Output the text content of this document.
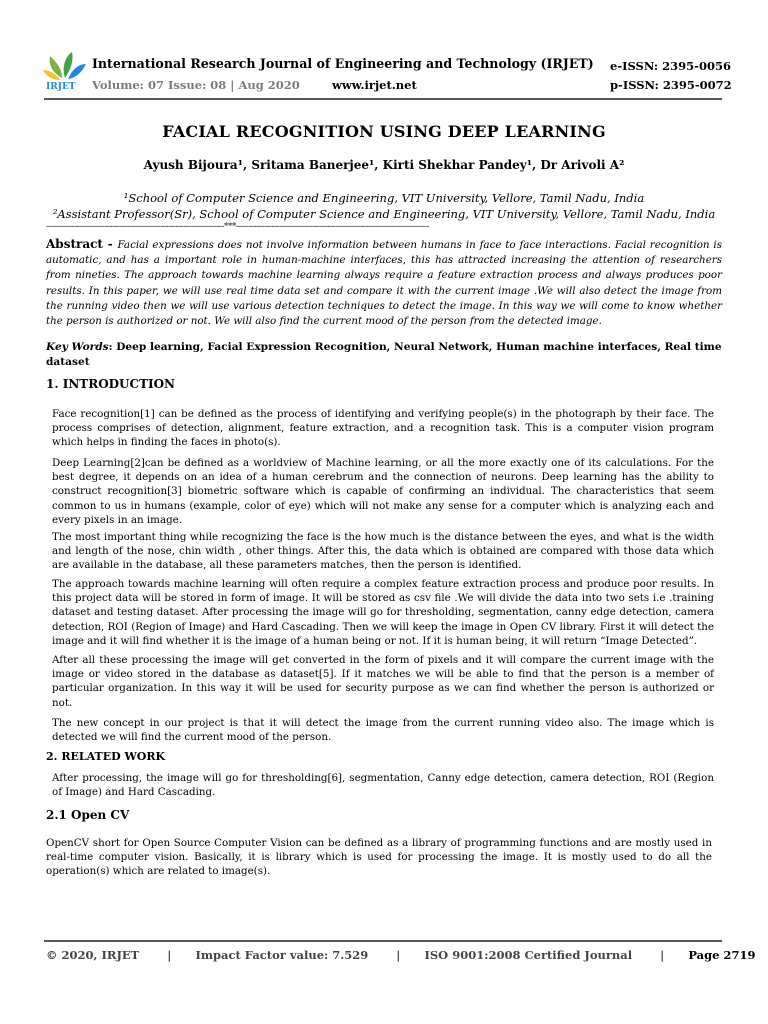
IRJET
International Research Journal of Engineering and Technology (IRJET)
Volume: 07 Issue: 08 | Aug 2020	www.irjet.net
e-ISSN: 2395-0056
p-ISSN: 2395-0072
FACIAL RECOGNITION USING DEEP LEARNING
Ayush Bijoura¹, Sritama Banerjee¹, Kirti Shekhar Pandey¹, Dr Arivoli A²
¹School of Computer Science and Engineering, VIT University, Vellore, Tamil Nadu, India
²Assistant Professor(Sr), School of Computer Science and Engineering, VIT University, Vellore, Tamil Nadu, India
----------------------------------------------------------------------***----------------------------------------------------------------------------
Abstract - Facial expressions does not involve information between humans in face to face interactions. Facial recognition is automatic, and has a important role in human-machine interfaces, this has attracted increasing the attention of researchers from nineties. The approach towards machine learning always require a feature extraction process and always produces poor results. In this paper, we will use real time data set and compare it with the current image .We will also detect the image from the running video then we will use various detection techniques to detect the image. In this way we will come to know whether the person is authorized or not. We will also find the current mood of the person from the detected image.
Key Words: Deep learning, Facial Expression Recognition, Neural Network, Human machine interfaces, Real time dataset
1. INTRODUCTION
Face recognition[1] can be defined as the process of identifying and verifying people(s) in the photograph by their face. The process comprises of detection, alignment, feature extraction, and a recognition task. This is a computer vision program which helps in finding the faces in photo(s).
Deep Learning[2]can be defined as a worldview of Machine learning, or all the more exactly one of its calculations. For the best degree, it depends on an idea of a human cerebrum and the connection of neurons. Deep learning has the ability to construct recognition[3] biometric software which is capable of confirming an individual. The characteristics that seem common to us in humans (example, color of eye) which will not make any sense for a computer which is analyzing each and every pixels in an image.
The most important thing while recognizing the face is the how much is the distance between the eyes, and what is the width and length of the nose, chin width , other things. After this, the data which is obtained are compared with those data which are available in the database, all these parameters matches, then the person is identified.
The approach towards machine learning will often require a complex feature extraction process and produce poor results. In this project data will be stored in form of image. It will be stored as csv file .We will divide the data into two sets i.e .training dataset and testing dataset. After processing the image will go for thresholding, segmentation, canny edge detection, camera detection, ROI (Region of Image) and Hard Cascading. Then we will keep the image in Open CV library. First it will detect the image and it will find whether it is the image of a human being or not. If it is human being, it will return “Image Detected”.
After all these processing the image will get converted in the form of pixels and it will compare the current image with the image or video stored in the database as dataset[5]. If it matches we will be able to find that the person is a member of particular organization. In this way it will be used for security purpose as we can find whether the person is authorized or not.
The new concept in our project is that it will detect the image from the current running video also. The image which is detected we will find the current mood of the person.
2. RELATED WORK
After processing, the image will go for thresholding[6], segmentation, Canny edge detection, camera detection, ROI (Region of Image) and Hard Cascading.
2.1 Open CV
OpenCV short for Open Source Computer Vision can be defined as a library of programming functions and are mostly used in real-time computer vision. Basically, it is library which is used for processing the image. It is mostly used to do all the operation(s) which are related to image(s).
© 2020, IRJET | Impact Factor value: 7.529 | ISO 9001:2008 Certified Journal | Page 2719
